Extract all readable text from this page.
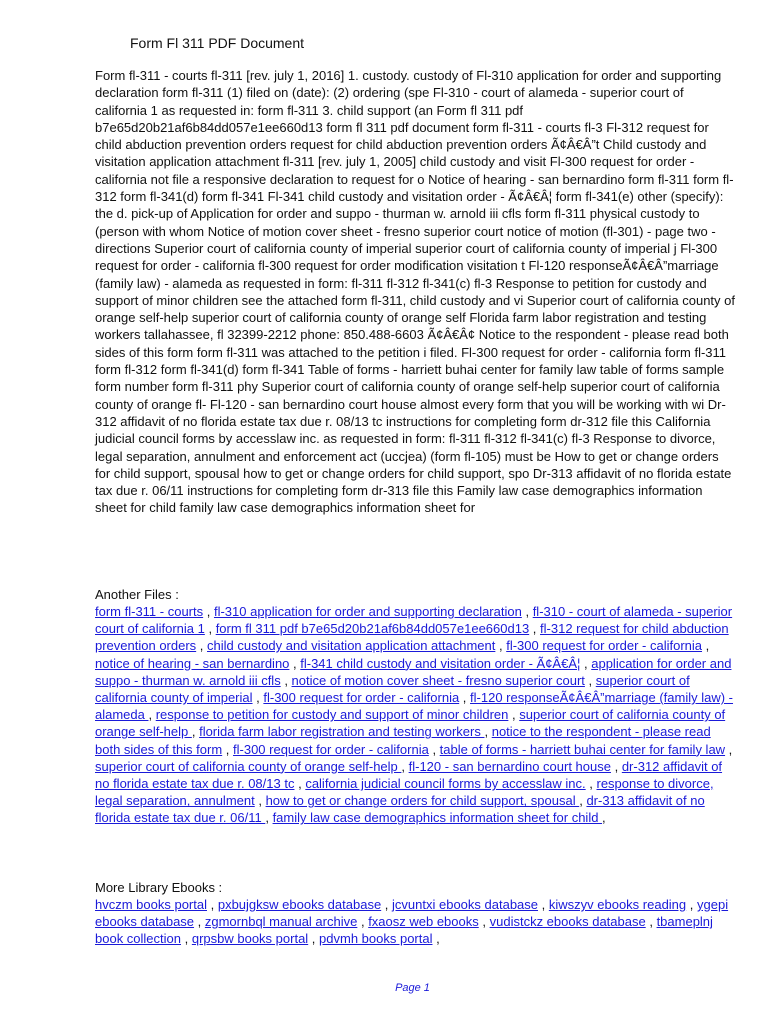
Form Fl 311 PDF Document
Form fl-311 - courts fl-311 [rev. july 1, 2016] 1. custody. custody of Fl-310 application for order and supporting declaration form fl-311 (1) filed on (date): (2) ordering (spe Fl-310 - court of alameda - superior court of california 1 as requested in: form fl-311 3. child support (an Form fl 311 pdf b7e65d20b21af6b84dd057e1ee660d13 form fl 311 pdf document form fl-311 - courts fl-3 Fl-312 request for child abduction prevention orders request for child abduction prevention orders Ã¢Â€Â”t Child custody and visitation application attachment fl-311 [rev. july 1, 2005] child custody and visit Fl-300 request for order - california not file a responsive declaration to request for o Notice of hearing - san bernardino form fl-311 form fl-312 form fl-341(d) form fl-341 Fl-341 child custody and visitation order - Ã¢Â€Â¦ form fl-341(e) other (specify): the d. pick-up of Application for order and suppo - thurman w. arnold iii cfls form fl-311 physical custody to (person with whom Notice of motion cover sheet - fresno superior court notice of motion (fl-301) - page two - directions Superior court of california county of imperial superior court of california county of imperial j Fl-300 request for order - california fl-300 request for order modification visitation t Fl-120 responseÃ¢Â€Â”marriage (family law) - alameda as requested in form: fl-311 fl-312 fl-341(c) fl-3 Response to petition for custody and support of minor children see the attached form fl-311, child custody and vi Superior court of california county of orange self-help superior court of california county of orange self Florida farm labor registration and testing workers tallahassee, fl 32399-2212 phone: 850.488-6603 Ã¢Â€Â¢ Notice to the respondent - please read both sides of this form form fl-311 was attached to the petition i filed. Fl-300 request for order - california form fl-311 form fl-312 form fl-341(d) form fl-341 Table of forms - harriett buhai center for family law table of forms sample form number form fl-311 phy Superior court of california county of orange self-help superior court of california county of orange fl- Fl-120 - san bernardino court house almost every form that you will be working with wi Dr-312 affidavit of no florida estate tax due r. 08/13 tc instructions for completing form dr-312 file this California judicial council forms by accesslaw inc. as requested in form: fl-311 fl-312 fl-341(c) fl-3 Response to divorce, legal separation, annulment and enforcement act (uccjea) (form fl-105) must be How to get or change orders for child support, spousal how to get or change orders for child support, spo Dr-313 affidavit of no florida estate tax due r. 06/11 instructions for completing form dr-313 file this Family law case demographics information sheet for child family law case demographics information sheet for
Another Files :
form fl-311 - courts , fl-310 application for order and supporting declaration , fl-310 - court of alameda - superior court of california 1 , form fl 311 pdf b7e65d20b21af6b84dd057e1ee660d13 , fl-312 request for child abduction prevention orders , child custody and visitation application attachment , fl-300 request for order - california , notice of hearing - san bernardino , fl-341 child custody and visitation order - Ã¢Â€Â¦ , application for order and suppo - thurman w. arnold iii cfls , notice of motion cover sheet - fresno superior court , superior court of california county of imperial , fl-300 request for order - california , fl-120 responseÃ¢Â€Â”marriage (family law) - alameda , response to petition for custody and support of minor children , superior court of california county of orange self-help , florida farm labor registration and testing workers , notice to the respondent - please read both sides of this form , fl-300 request for order - california , table of forms - harriett buhai center for family law , superior court of california county of orange self-help , fl-120 - san bernardino court house , dr-312 affidavit of no florida estate tax due r. 08/13 tc , california judicial council forms by accesslaw inc. , response to divorce, legal separation, annulment , how to get or change orders for child support, spousal , dr-313 affidavit of no florida estate tax due r. 06/11 , family law case demographics information sheet for child ,
More Library Ebooks :
hvczm books portal , pxbujgksw ebooks database , jcvuntxi ebooks database , kiwszyv ebooks reading , ygepi ebooks database , zgmornbql manual archive , fxaosz web ebooks , vudistckz ebooks database , tbameplnj book collection , qrpsbw books portal , pdvmh books portal ,
Page 1
